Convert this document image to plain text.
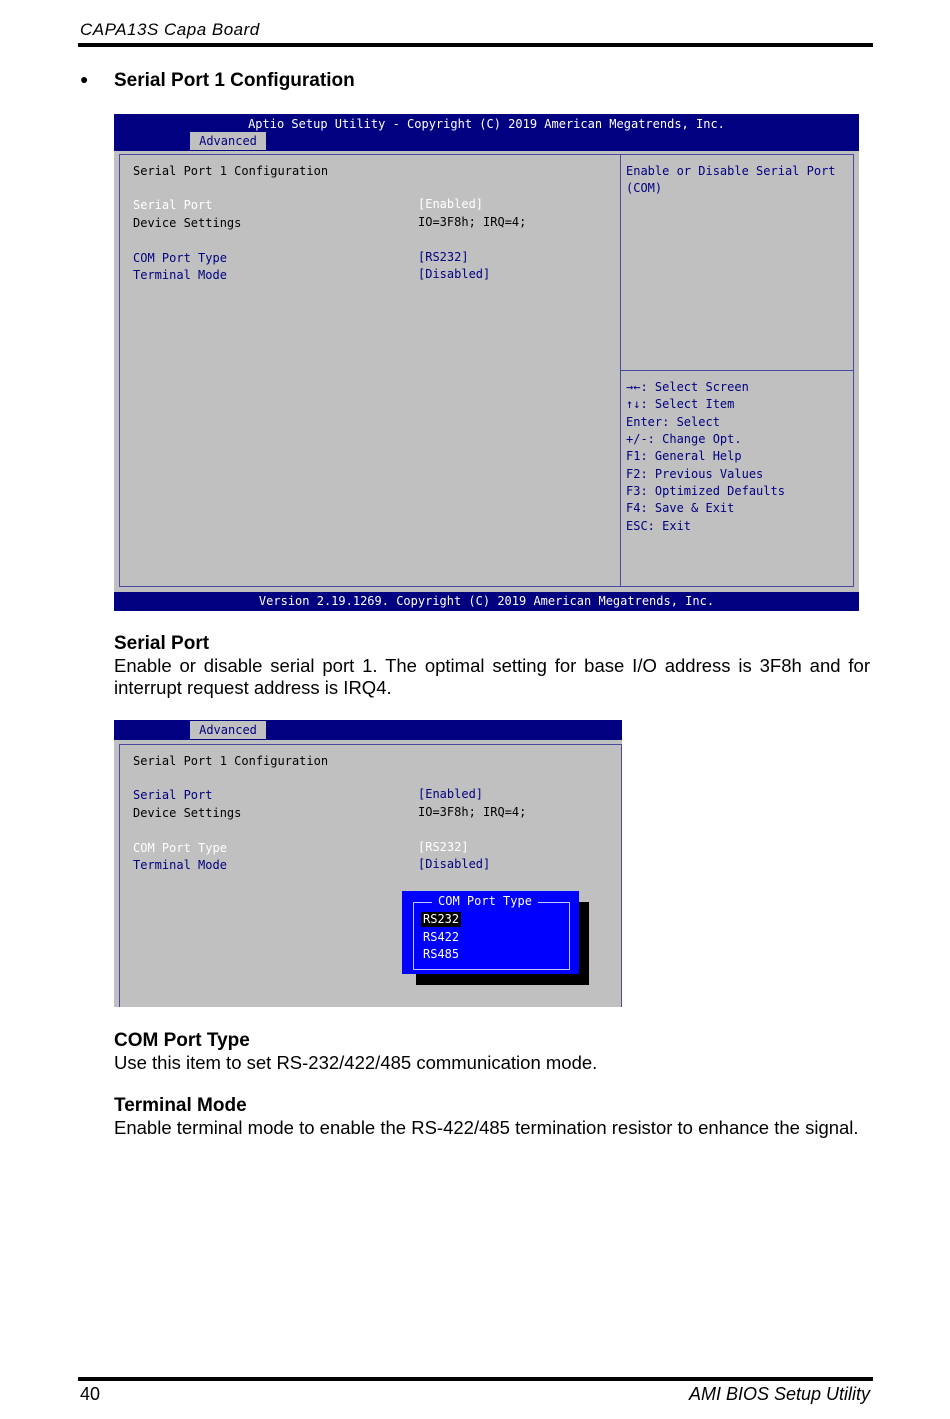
CAPA13S Capa Board
● Serial Port 1 Configuration
Aptio Setup Utility - Copyright (C) 2019 American Megatrends, Inc.
Advanced
Serial Port 1 Configuration
Serial Port	[Enabled]
Device Settings	IO=3F8h; IRQ=4;
COM Port Type	[RS232]
Terminal Mode	[Disabled]
Enable or Disable Serial Port
(COM)
→←: Select Screen
↑↓: Select Item
Enter: Select
+/-: Change Opt.
F1: General Help
F2: Previous Values
F3: Optimized Defaults
F4: Save & Exit
ESC: Exit
Version 2.19.1269. Copyright (C) 2019 American Megatrends, Inc.
Serial Port
Enable or disable serial port 1. The optimal setting for base I/O address is 3F8h and for interrupt request address is IRQ4.
Advanced
Serial Port 1 Configuration
Serial Port	[Enabled]
Device Settings	IO=3F8h; IRQ=4;
COM Port Type	[RS232]
Terminal Mode	[Disabled]
COM Port Type
RS232
RS422
RS485
COM Port Type
Use this item to set RS-232/422/485 communication mode.
Terminal Mode
Enable terminal mode to enable the RS-422/485 termination resistor to enhance the signal.
40	AMI BIOS Setup Utility
